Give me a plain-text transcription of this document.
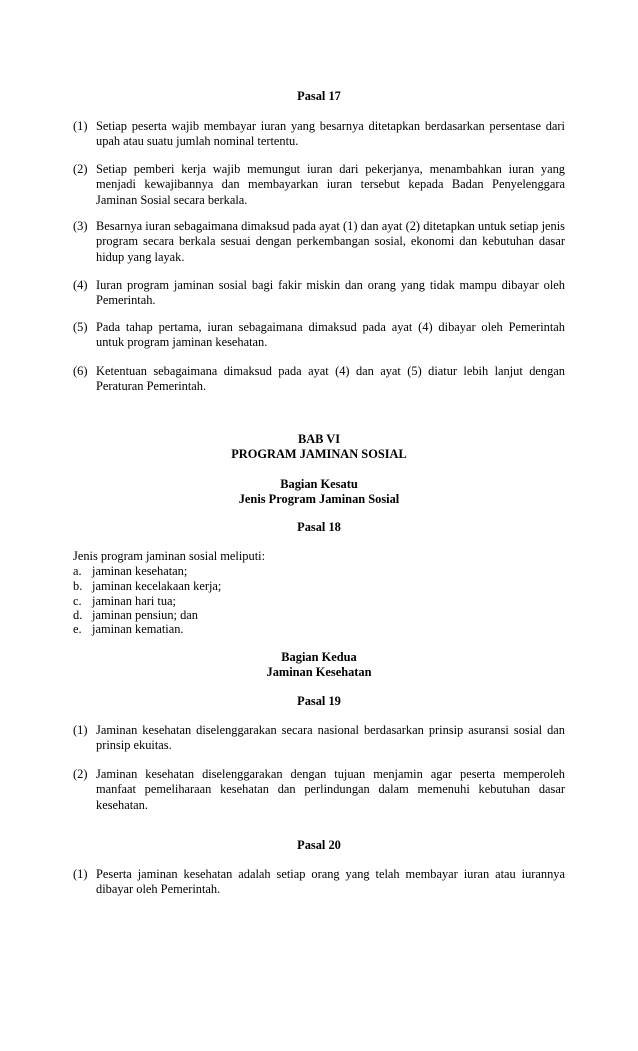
Pasal 17
(1) Setiap peserta wajib membayar iuran yang besarnya ditetapkan berdasarkan persentase dari upah atau suatu jumlah nominal tertentu.
(2) Setiap pemberi kerja wajib memungut iuran dari pekerjanya, menambahkan iuran yang menjadi kewajibannya dan membayarkan iuran tersebut kepada Badan Penyelenggara Jaminan Sosial secara berkala.
(3) Besarnya iuran sebagaimana dimaksud pada ayat (1) dan ayat (2) ditetapkan untuk setiap jenis program secara berkala sesuai dengan perkembangan sosial, ekonomi dan kebutuhan dasar hidup yang layak.
(4) Iuran program jaminan sosial bagi fakir miskin dan orang yang tidak mampu dibayar oleh Pemerintah.
(5) Pada tahap pertama, iuran sebagaimana dimaksud pada ayat (4) dibayar oleh Pemerintah untuk program jaminan kesehatan.
(6) Ketentuan sebagaimana dimaksud pada ayat (4) dan ayat (5) diatur lebih lanjut dengan Peraturan Pemerintah.
BAB VI
PROGRAM JAMINAN SOSIAL
Bagian Kesatu
Jenis Program Jaminan Sosial
Pasal 18
Jenis program jaminan sosial meliputi:
a. jaminan kesehatan;
b. jaminan kecelakaan kerja;
c. jaminan hari tua;
d. jaminan pensiun; dan
e. jaminan kematian.
Bagian Kedua
Jaminan Kesehatan
Pasal 19
(1) Jaminan kesehatan diselenggarakan secara nasional berdasarkan prinsip asuransi sosial dan prinsip ekuitas.
(2) Jaminan kesehatan diselenggarakan dengan tujuan menjamin agar peserta memperoleh manfaat pemeliharaan kesehatan dan perlindungan dalam memenuhi kebutuhan dasar kesehatan.
Pasal 20
(1) Peserta jaminan kesehatan adalah setiap orang yang telah membayar iuran atau iurannya dibayar oleh Pemerintah.
